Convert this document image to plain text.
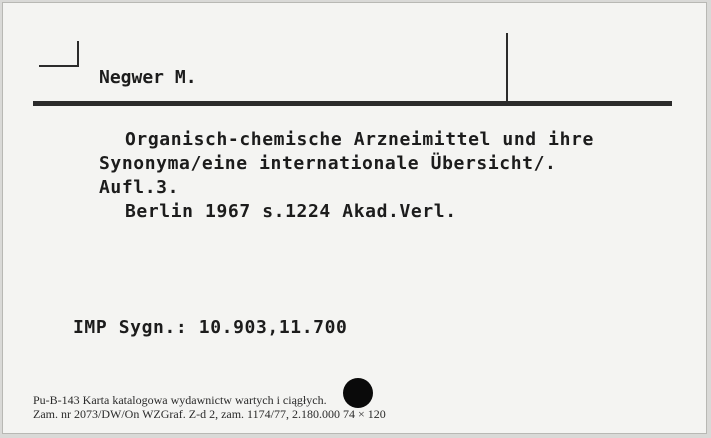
Negwer M.
Organisch-chemische Arzneimittel und ihre
Synonyma/eine internationale Übersicht/.
Aufl.3.
Berlin 1967 s.1224 Akad.Verl.
IMP Sygn.: 10.903,11.700
Pu-B-143 Karta katalogowa wydawnictw wartych i ciągłych.
Zam. nr 2073/DW/On WZGraf. Z-d 2, zam. 1174/77, 2.180.000 74 × 120
